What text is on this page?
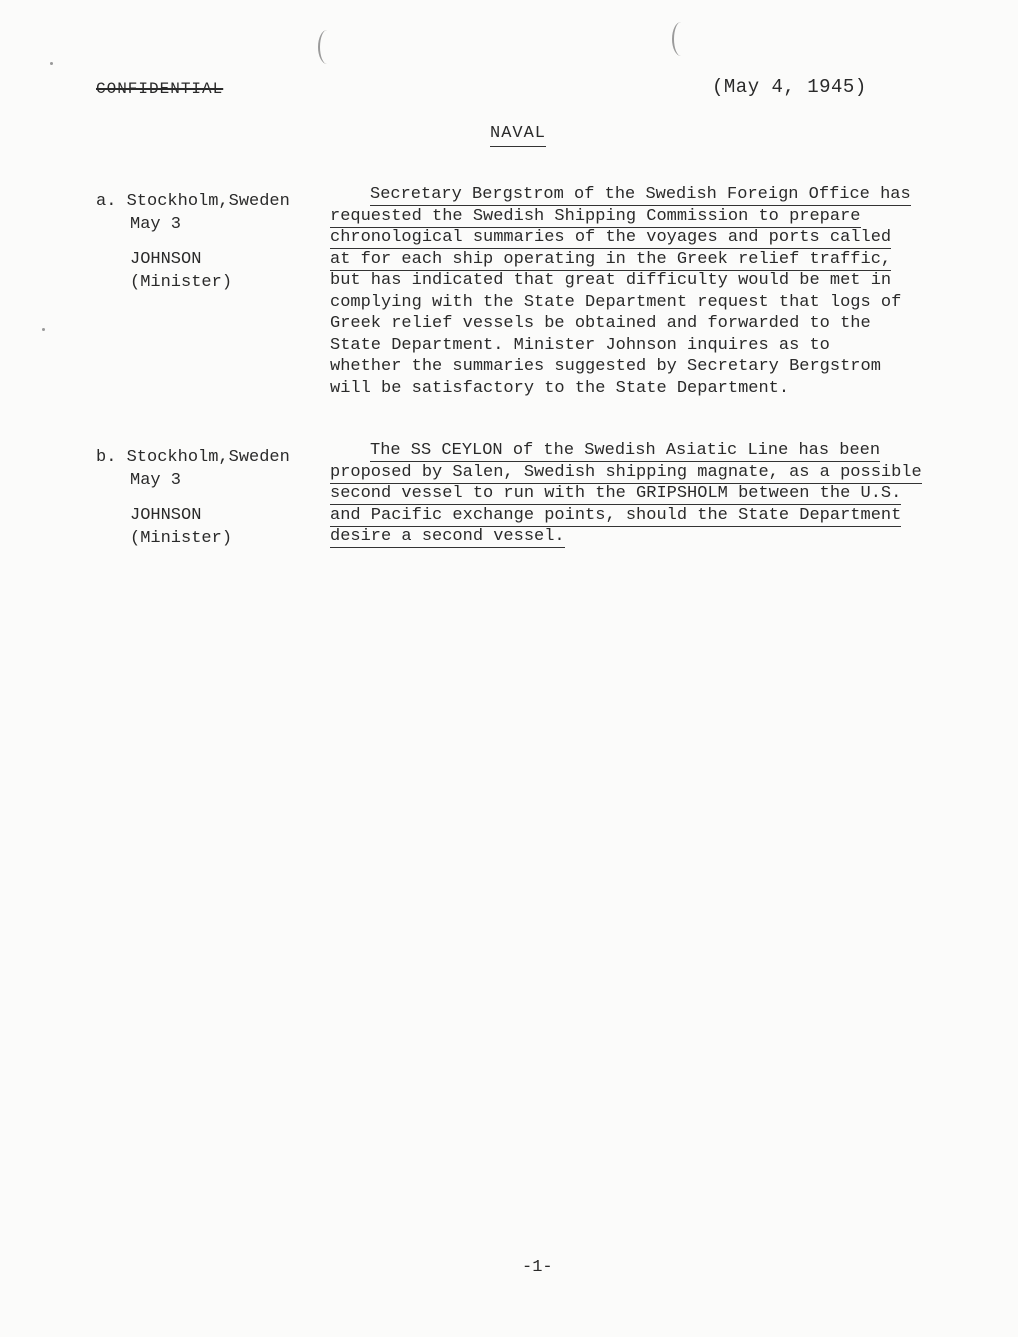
CONFIDENTIAL	(May 4, 1945)
NAVAL
a. Stockholm,Sweden
May 3
JOHNSON
(Minister)
Secretary Bergstrom of the Swedish Foreign Office has
requested the Swedish Shipping Commission to prepare
chronological summaries of the voyages and ports called
at for each ship operating in the Greek relief traffic,
but has indicated that great difficulty would be met in
complying with the State Department request that logs of
Greek relief vessels be obtained and forwarded to the
State Department. Minister Johnson inquires as to
whether the summaries suggested by Secretary Bergstrom
will be satisfactory to the State Department.
b. Stockholm,Sweden
May 3
JOHNSON
(Minister)
The SS CEYLON of the Swedish Asiatic Line has been
proposed by Salen, Swedish shipping magnate, as a possible
second vessel to run with the GRIPSHOLM between the U.S.
and Pacific exchange points, should the State Department
desire a second vessel.
-1-
